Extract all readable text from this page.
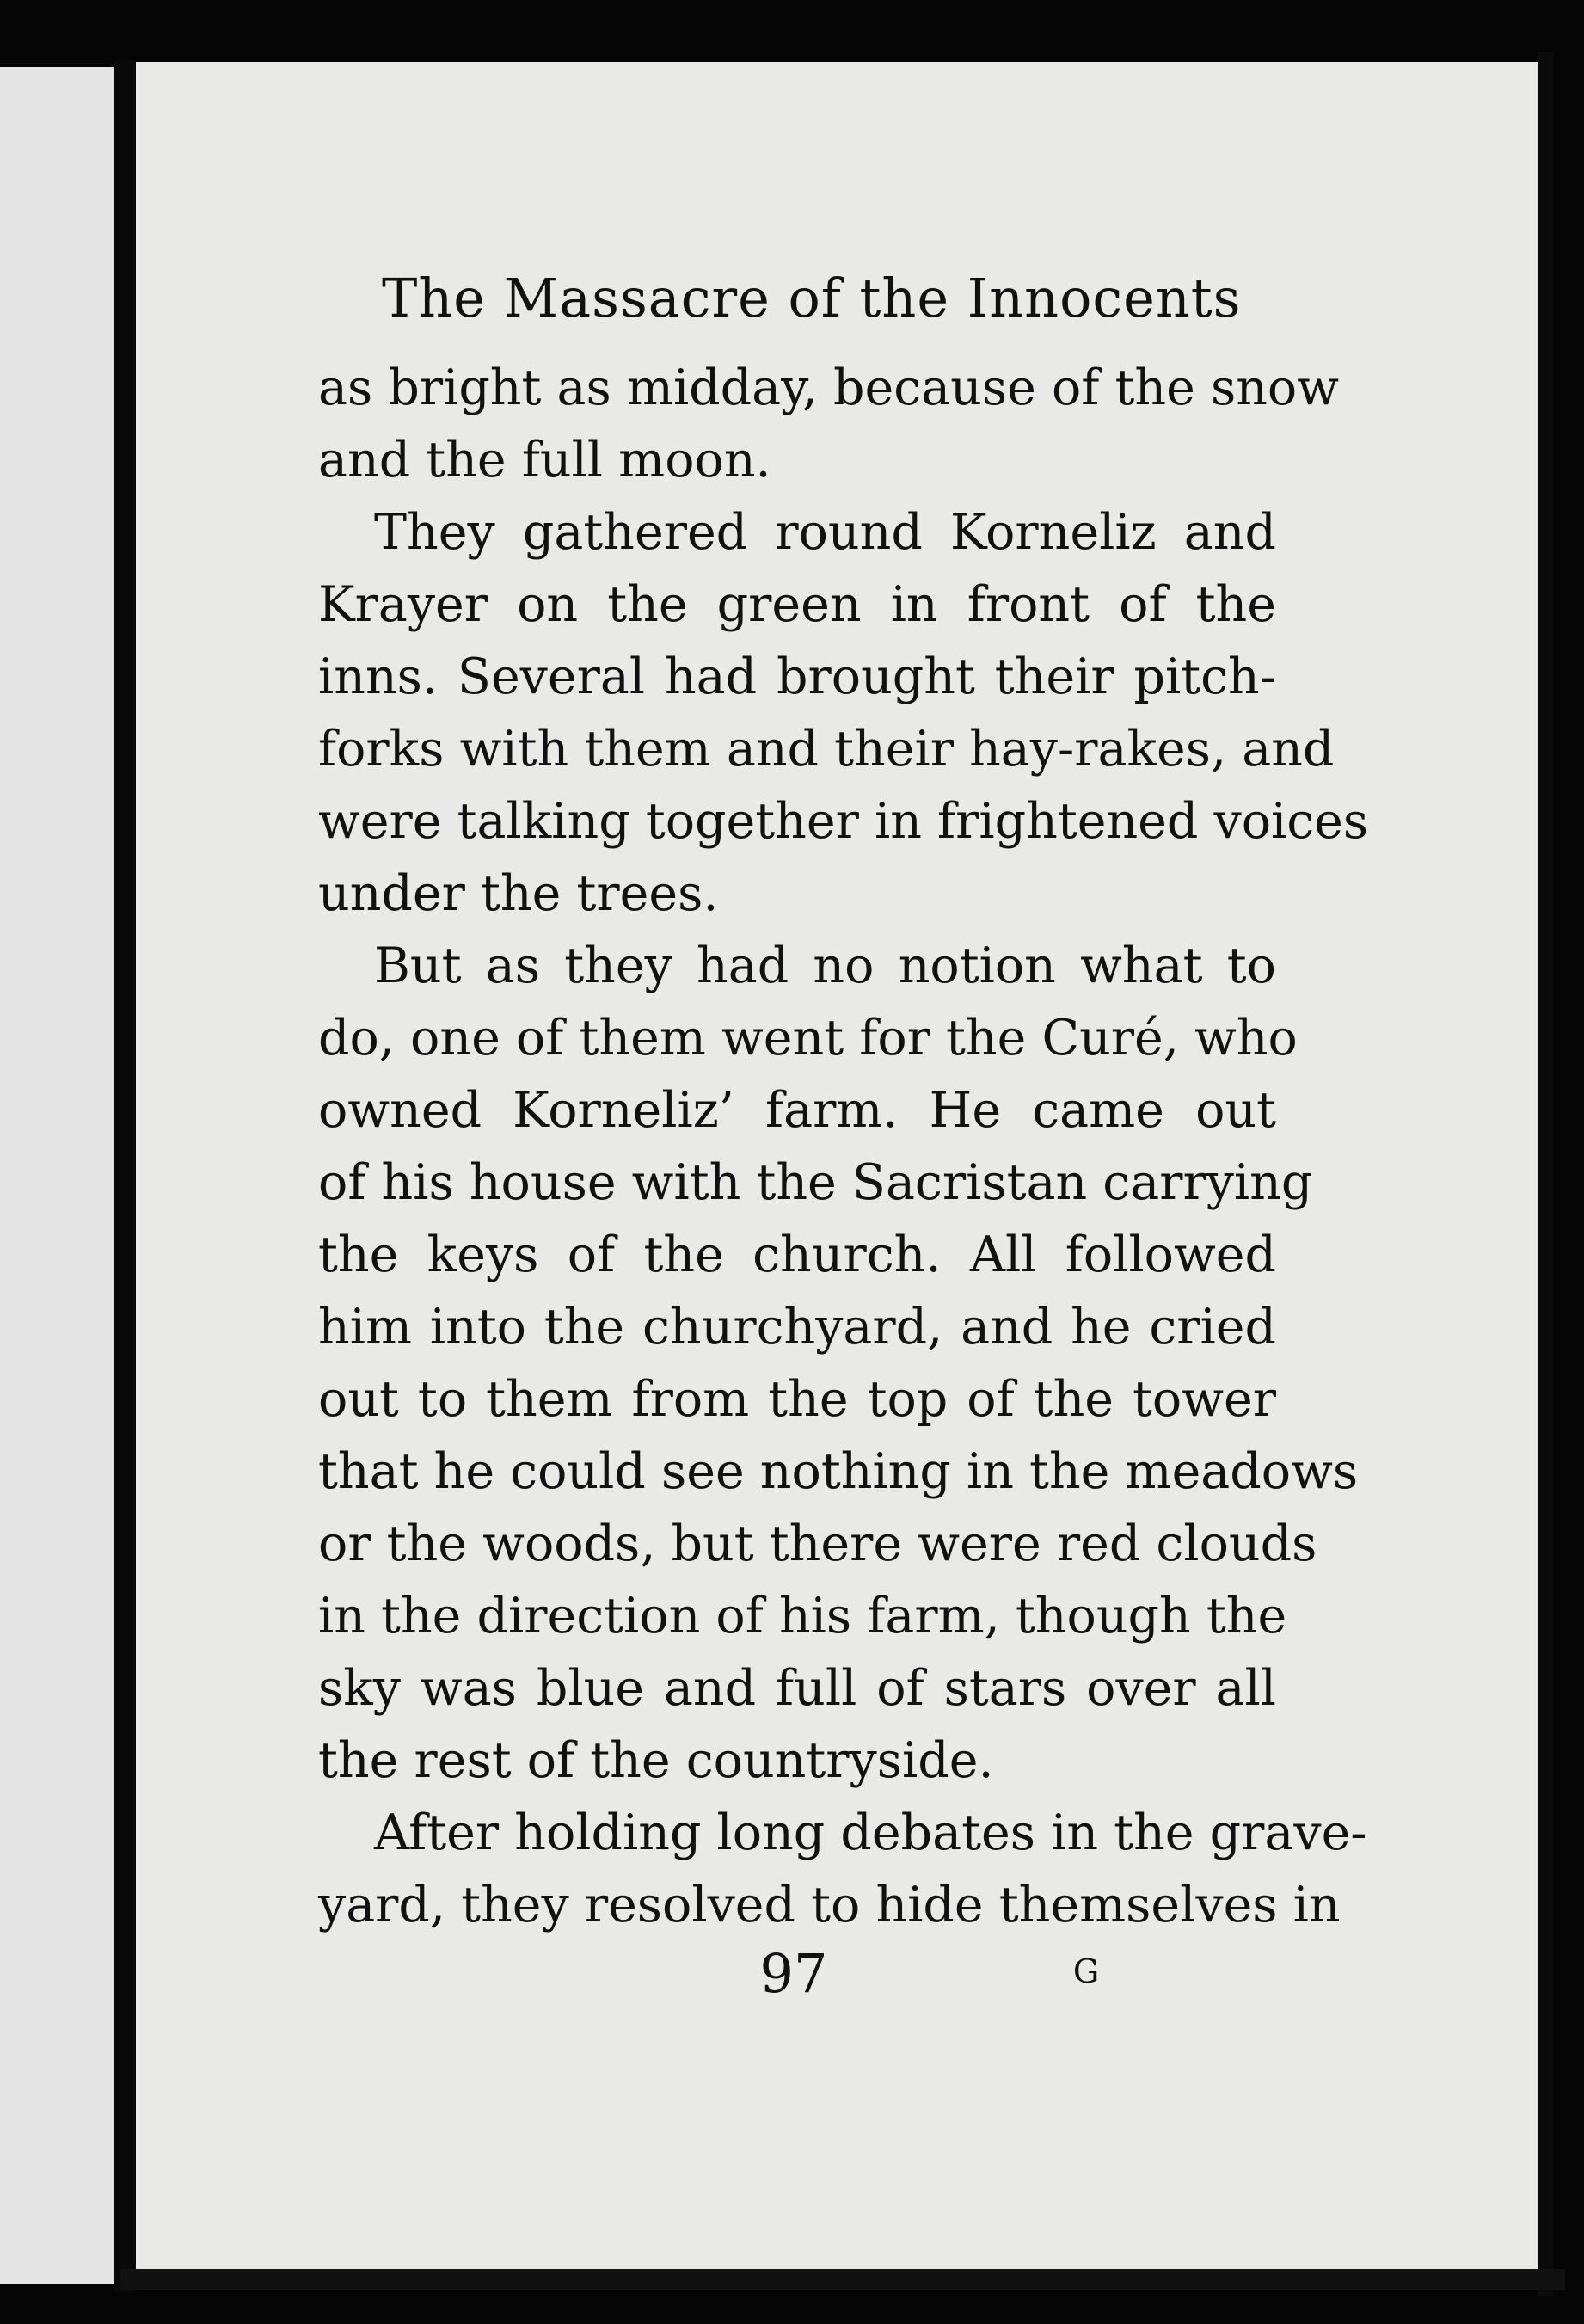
The Massacre of the Innocents
as bright as midday, because of the snow
and the full moon.
They gathered round Korneliz and
Krayer on the green in front of the
inns. Several had brought their pitch-
forks with them and their hay-rakes, and
were talking together in frightened voices
under the trees.
But as they had no notion what to
do, one of them went for the Curé, who
owned Korneliz’ farm. He came out
of his house with the Sacristan carrying
the keys of the church. All followed
him into the churchyard, and he cried
out to them from the top of the tower
that he could see nothing in the meadows
or the woods, but there were red clouds
in the direction of his farm, though the
sky was blue and full of stars over all
the rest of the countryside.
After holding long debates in the grave-
yard, they resolved to hide themselves in
97	G
